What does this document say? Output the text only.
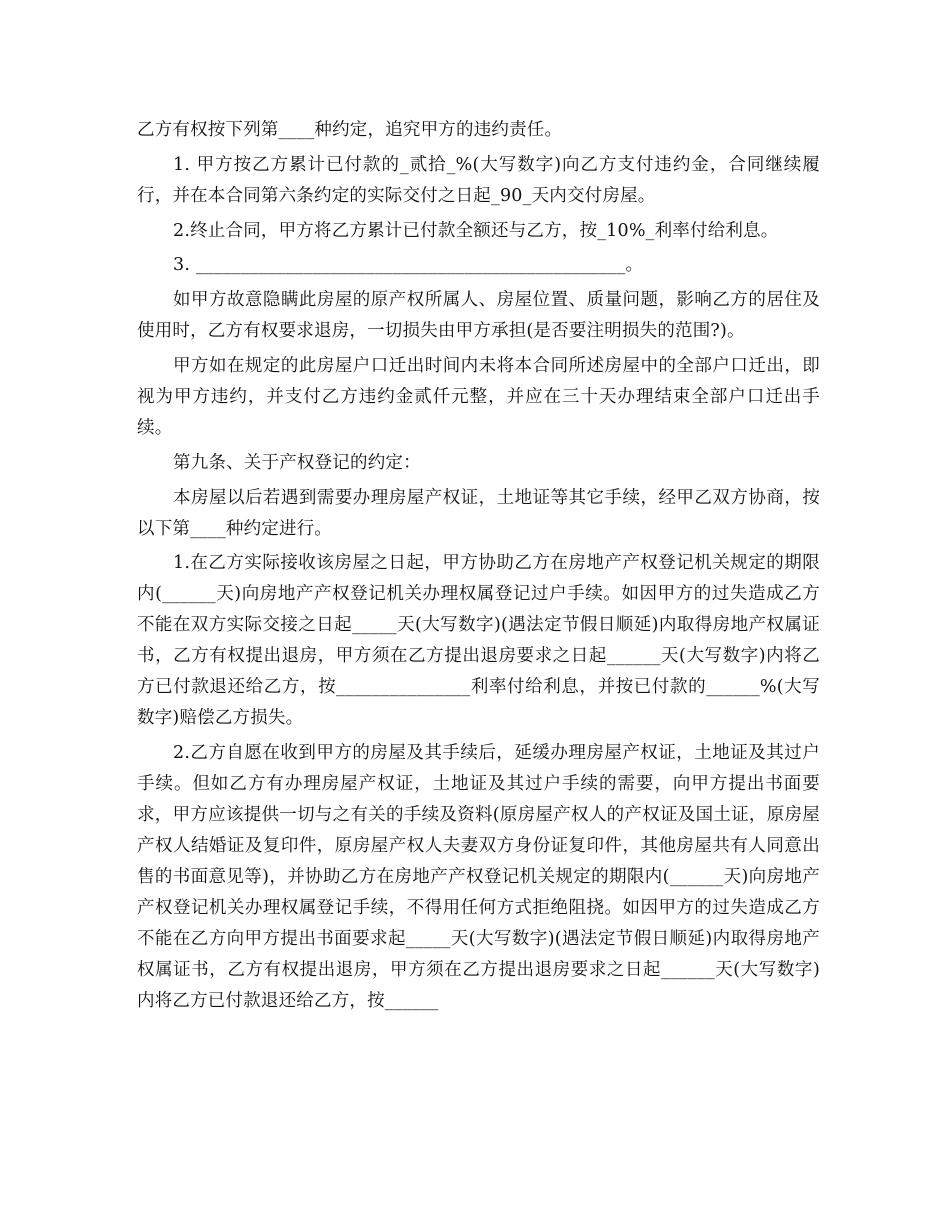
乙方有权按下列第____种约定，追究甲方的违约责任。

1. 甲方按乙方累计已付款的_贰拾_%(大写数字)向乙方支付违约金，合同继续履行，并在本合同第六条约定的实际交付之日起_90_天内交付房屋。

2.终止合同，甲方将乙方累计已付款全额还与乙方，按_10%_利率付给利息。

3. ________________________________________________。

如甲方故意隐瞒此房屋的原产权所属人、房屋位置、质量问题，影响乙方的居住及使用时，乙方有权要求退房，一切损失由甲方承担(是否要注明损失的范围?)。

甲方如在规定的此房屋户口迁出时间内未将本合同所述房屋中的全部户口迁出，即视为甲方违约，并支付乙方违约金贰仟元整，并应在三十天办理结束全部户口迁出手续。

第九条、关于产权登记的约定：

本房屋以后若遇到需要办理房屋产权证，土地证等其它手续，经甲乙双方协商，按以下第____种约定进行。

1.在乙方实际接收该房屋之日起，甲方协助乙方在房地产产权登记机关规定的期限内(______天)向房地产产权登记机关办理权属登记过户手续。如因甲方的过失造成乙方不能在双方实际交接之日起_____天(大写数字)(遇法定节假日顺延)内取得房地产权属证书，乙方有权提出退房，甲方须在乙方提出退房要求之日起______天(大写数字)内将乙方已付款退还给乙方，按_______________利率付给利息，并按已付款的______%(大写数字)赔偿乙方损失。

2.乙方自愿在收到甲方的房屋及其手续后，延缓办理房屋产权证，土地证及其过户手续。但如乙方有办理房屋产权证，土地证及其过户手续的需要，向甲方提出书面要求，甲方应该提供一切与之有关的手续及资料(原房屋产权人的产权证及国土证，原房屋产权人结婚证及复印件，原房屋产权人夫妻双方身份证复印件，其他房屋共有人同意出售的书面意见等)，并协助乙方在房地产产权登记机关规定的期限内(______天)向房地产产权登记机关办理权属登记手续，不得用任何方式拒绝阻挠。如因甲方的过失造成乙方不能在乙方向甲方提出书面要求起_____天(大写数字)(遇法定节假日顺延)内取得房地产权属证书，乙方有权提出退房，甲方须在乙方提出退房要求之日起______天(大写数字)内将乙方已付款退还给乙方，按______
